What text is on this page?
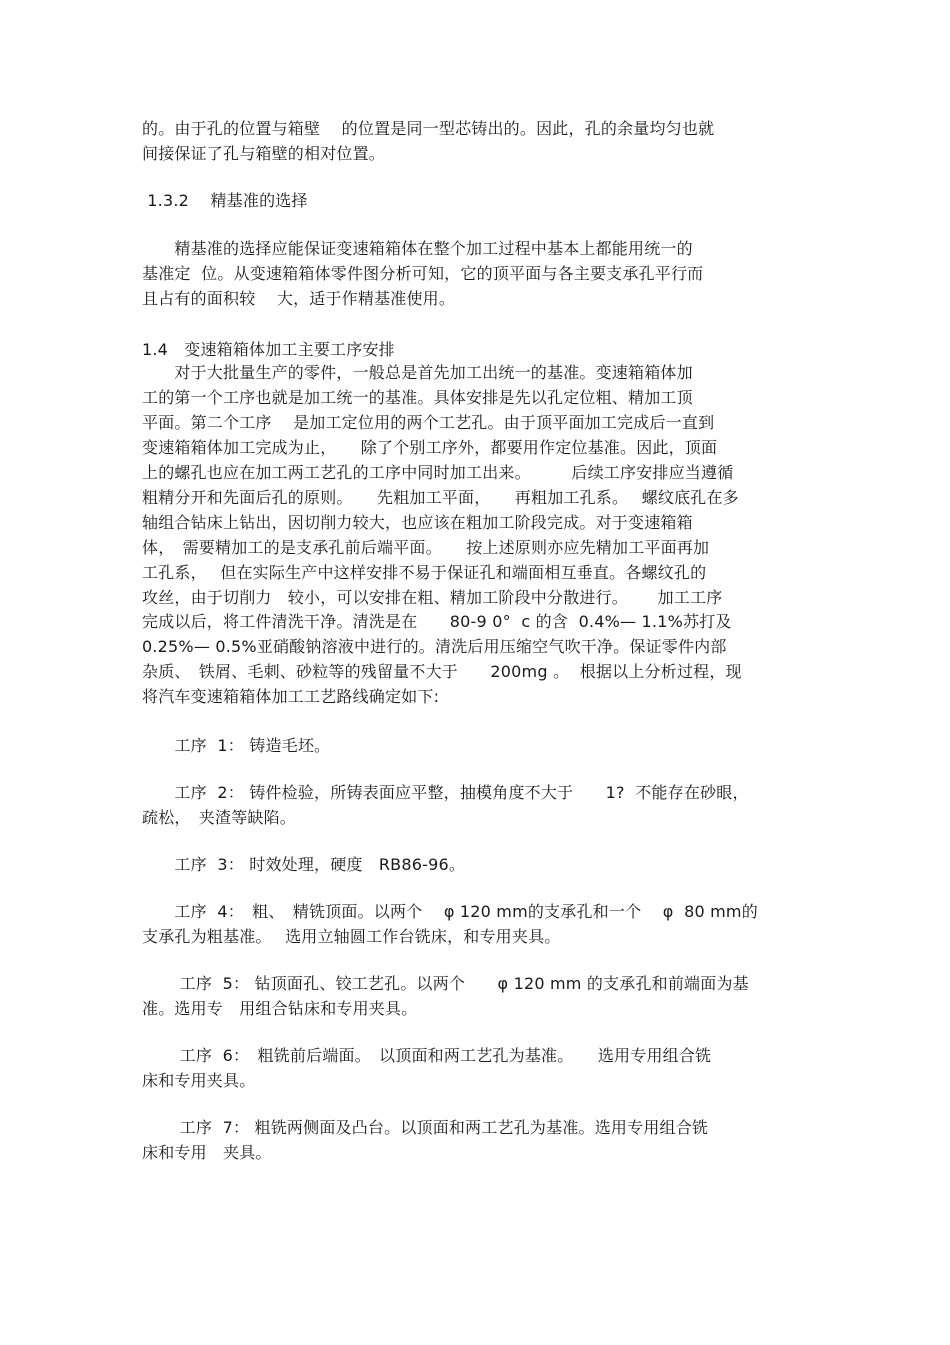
的。由于孔的位置与箱壁　 的位置是同一型芯铸出的。因此，孔的余量均匀也就
间接保证了孔与箱壁的相对位置。
1.3.2　 精基准的选择
　　精基准的选择应能保证变速箱箱体在整个加工过程中基本上都能用统一的
基准定  位。从变速箱箱体零件图分析可知，它的顶平面与各主要支承孔平行而
且占有的面积较　 大，适于作精基准使用。
1.4　变速箱箱体加工主要工序安排
　　对于大批量生产的零件，一般总是首先加工出统一的基准。变速箱箱体加
工的第一个工序也就是加工统一的基准。具体安排是先以孔定位粗、精加工顶
平面。第二个工序　 是加工定位用的两个工艺孔。由于顶平面加工完成后一直到
变速箱箱体加工完成为止，　　除了个别工序外，都要用作定位基准。因此，顶面
上的螺孔也应在加工两工艺孔的工序中同时加工出来。　　　后续工序安排应当遵循
粗精分开和先面后孔的原则。　　先粗加工平面，　　再粗加工孔系。　 螺纹底孔在多
轴组合钻床上钻出，因切削力较大，也应该在粗加工阶段完成。对于变速箱箱
体，　需要精加工的是支承孔前后端平面。　　按上述原则亦应先精加工平面再加
工孔系，　 但在实际生产中这样安排不易于保证孔和端面相互垂直。各螺纹孔的
攻丝，由于切削力　较小，可以安排在粗、精加工阶段中分散进行。　　 加工工序
完成以后，将工件清洗干净。清洗是在　　80-9 0°  c 的含  0.4%— 1.1%苏打及
0.25%— 0.5%亚硝酸钠溶液中进行的。清洗后用压缩空气吹干净。保证零件内部
杂质、　铁屑、毛刺、砂粒等的残留量不大于　　200mg 。  根据以上分析过程，现
将汽车变速箱箱体加工工艺路线确定如下:
　　工序  1： 铸造毛坯。
　　工序  2： 铸件检验，所铸表面应平整，抽模角度不大于　　1?  不能存在砂眼，
疏松，　夹渣等缺陷。
　　工序  3： 时效处理，硬度　RB86-96。
　　工序  4：　粗、　精铣顶面。以两个　 φ 120 mm的支承孔和一个　 φ  80 mm的
支承孔为粗基准。　 选用立轴圆工作台铣床，和专用夹具。
　　 工序  5： 钻顶面孔、铰工艺孔。以两个　　φ 120 mm 的支承孔和前端面为基
准。选用专　用组合钻床和专用夹具。
　　 工序  6：　粗铣前后端面。　以顶面和两工艺孔为基准。　　选用专用组合铣
床和专用夹具。
　　 工序  7： 粗铣两侧面及凸台。以顶面和两工艺孔为基准。选用专用组合铣
床和专用　夹具。
